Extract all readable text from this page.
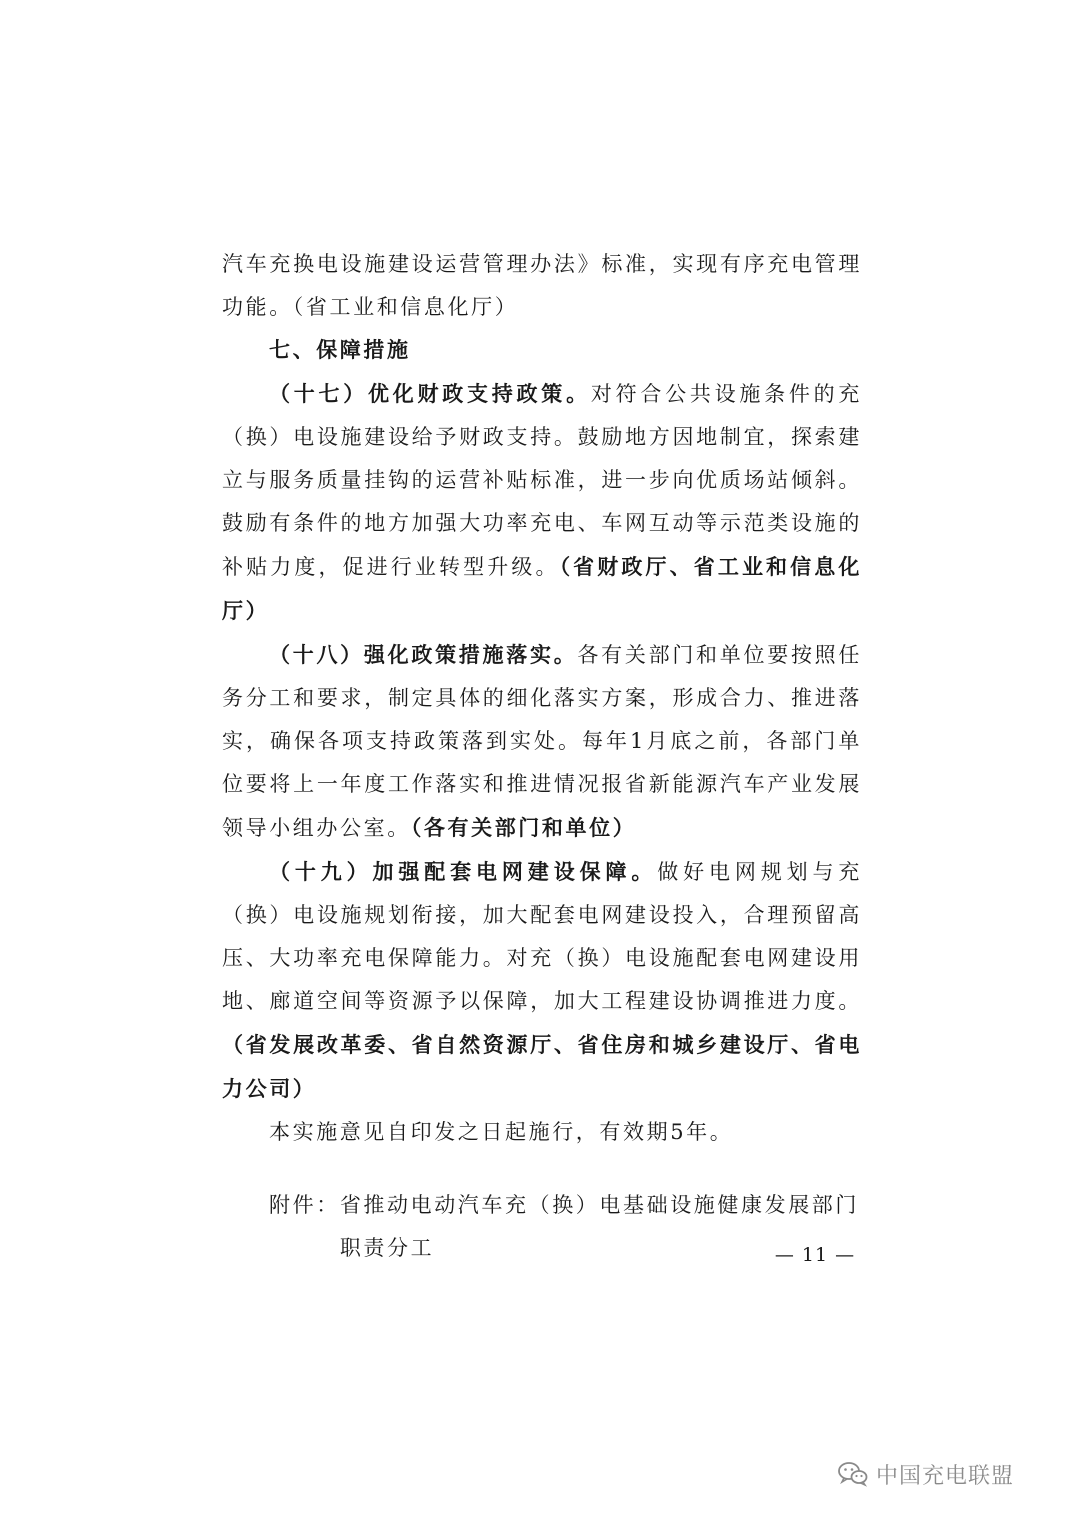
汽车充换电设施建设运营管理办法》标准，实现有序充电管理功能。（省工业和信息化厅）

七、保障措施

（十七）优化财政支持政策。对符合公共设施条件的充（换）电设施建设给予财政支持。鼓励地方因地制宜，探索建立与服务质量挂钩的运营补贴标准，进一步向优质场站倾斜。鼓励有条件的地方加强大功率充电、车网互动等示范类设施的补贴力度，促进行业转型升级。（省财政厅、省工业和信息化厅）

（十八）强化政策措施落实。各有关部门和单位要按照任务分工和要求，制定具体的细化落实方案，形成合力、推进落实，确保各项支持政策落到实处。每年1月底之前，各部门单位要将上一年度工作落实和推进情况报省新能源汽车产业发展领导小组办公室。（各有关部门和单位）

（十九）加强配套电网建设保障。做好电网规划与充（换）电设施规划衔接，加大配套电网建设投入，合理预留高压、大功率充电保障能力。对充（换）电设施配套电网建设用地、廊道空间等资源予以保障，加大工程建设协调推进力度。（省发展改革委、省自然资源厅、省住房和城乡建设厅、省电力公司）

本实施意见自印发之日起施行，有效期5年。

附件： 省推动电动汽车充（换）电基础设施健康发展部门职责分工	— 11 —
中国充电联盟
